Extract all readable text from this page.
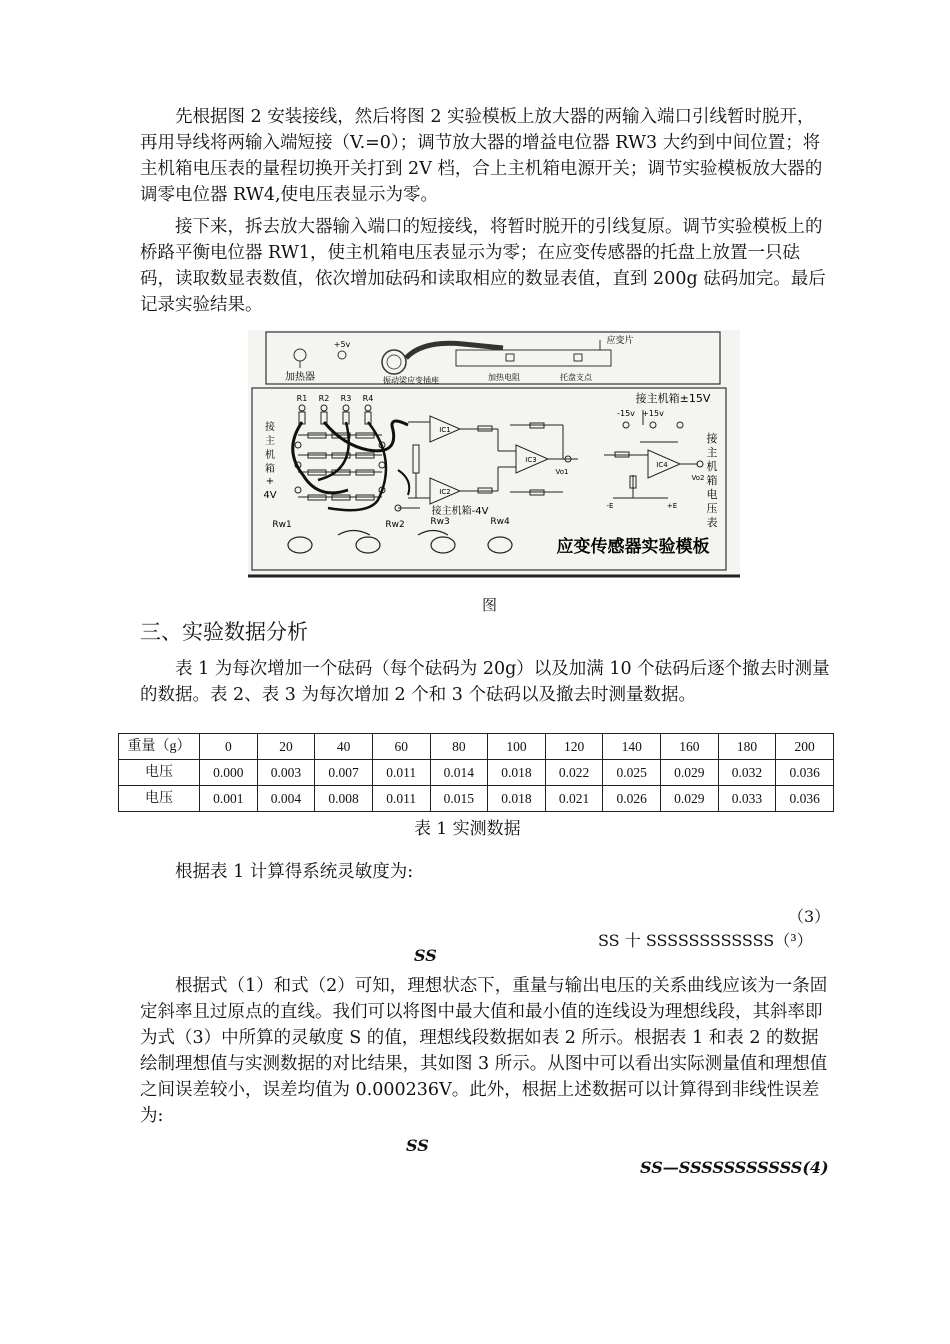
先根据图 2 安装接线，然后将图 2 实验模板上放大器的两输入端口引线暂时脱开，再用导线将两输入端短接（V.=0）；调节放大器的增益电位器 RW3 大约到中间位置；将主机箱电压表的量程切换开关打到 2V 档，合上主机箱电源开关；调节实验模板放大器的调零电位器 RW4,使电压表显示为零。

接下来，拆去放大器输入端口的短接线，将暂时脱开的引线复原。调节实验模板上的桥路平衡电位器 RW1，使主机箱电压表显示为零；在应变传感器的托盘上放置一只砝码，读取数显表数值，依次增加砝码和读取相应的数显表值，直到 200g 砝码加完。最后记录实验结果。

加热器
+5v
振动梁应变插座	加热电阻	托盘支点
应变片
R1 R2 R3 R4
接
主
机
箱
+
4V
IC1
IC2
IC3
IC4
Vo1
Vo2
-E	+E
接主机箱±15V
-15v +15v
接
主
机
箱
电
压
表
接主机箱-4V
Rw1	Rw2	Rw3	Rw4
应变传感器实验模板
图
三、实验数据分析

表 1 为每次增加一个砝码（每个砝码为 20g）以及加满 10 个砝码后逐个撤去时测量的数据。表 2、表 3 为每次增加 2 个和 3 个砝码以及撤去时测量数据。

重量（g）	0	20	40	60	80	100	120	140	160	180	200
电压	0.000	0.003	0.007	0.011	0.014	0.018	0.022	0.025	0.029	0.032	0.036
电压	0.001	0.004	0.008	0.011	0.015	0.018	0.021	0.026	0.029	0.033	0.036
表 1 实测数据

根据表 1 计算得系统灵敏度为:

（3）
SS 十 SSSSSSSSSSSS（³）
SS

根据式（1）和式（2）可知，理想状态下，重量与输出电压的关系曲线应该为一条固定斜率且过原点的直线。我们可以将图中最大值和最小值的连线设为理想线段，其斜率即为式（3）中所算的灵敏度 S 的值，理想线段数据如表 2 所示。根据表 1 和表 2 的数据绘制理想值与实测数据的对比结果，其如图 3 所示。从图中可以看出实际测量值和理想值之间误差较小，误差均值为 0.000236V。此外，根据上述数据可以计算得到非线性误差为:

SS
SS—SSSSSSSSSSS(4)
